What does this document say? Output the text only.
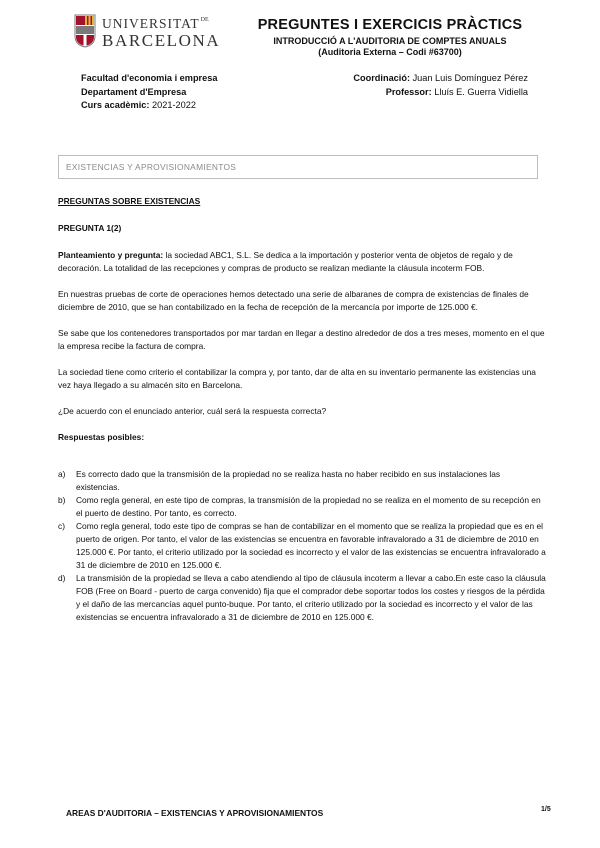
$UNIVERSITAT^{DE}$
BARCELONA
PREGUNTES I EXERCICIS PRÀCTICS
INTRODUCCIÓ A L'AUDITORIA DE COMPTES ANUALS
(Auditoria Externa – Codi #63700)
Facultad d'economia i empresa
Departament d'Empresa
Curs acadèmic: 2021-2022
Coordinació: Juan Luis Domínguez Pérez
Professor: Lluís E. Guerra Vidiella
EXISTENCIAS Y APROVISIONAMIENTOS

PREGUNTAS SOBRE EXISTENCIAS

PREGUNTA 1(2)

Planteamiento y pregunta: la sociedad ABC1, S.L. Se dedica a la importación y posterior venta de objetos de regalo y de decoración. La totalidad de las recepciones y compras de producto se realizan mediante la cláusula incoterm FOB.

En nuestras pruebas de corte de operaciones hemos detectado una serie de albaranes de compra de existencias de finales de diciembre de 2010, que se han contabilizado en la fecha de recepción de la mercancía por importe de 125.000 €.

Se sabe que los contenedores transportados por mar tardan en llegar a destino alrededor de dos a tres meses, momento en el que la empresa recibe la factura de compra.

La sociedad tiene como criterio el contabilizar la compra y, por tanto, dar de alta en su inventario permanente las existencias una vez haya llegado a su almacén sito en Barcelona.

¿De acuerdo con el enunciado anterior, cuál será la respuesta correcta?

Respuestas posibles:

a)	Es correcto dado que la transmisión de la propiedad no se realiza hasta no haber recibido en sus instalaciones las existencias.
b)	Como regla general, en este tipo de compras, la transmisión de la propiedad no se realiza en el momento de su recepción en el puerto de destino. Por tanto, es correcto.
c)	Como regla general, todo este tipo de compras se han de contabilizar en el momento que se realiza la propiedad que es en el puerto de origen. Por tanto, el valor de las existencias se encuentra en favorable infravalorado a 31 de diciembre de 2010 en 125.000 €. Por tanto, el criterio utilizado por la sociedad es incorrecto y el valor de las existencias se encuentra infravalorado a 31 de diciembre de 2010 en 125.000 €.
d)	La transmisión de la propiedad se lleva a cabo atendiendo al tipo de cláusula incoterm a llevar a cabo.En este caso la cláusula FOB (Free on Board - puerto de carga convenido) fija que el comprador debe soportar todos los costes y riesgos de la pérdida y el daño de las mercancías aquel punto-buque. Por tanto, el criterio utilizado por la sociedad es incorrecto y el valor de las existencias se encuentra infravalorado a 31 de diciembre de 2010 en 125.000 €.
AREAS D'AUDITORIA – EXISTENCIAS Y APROVISIONAMIENTOS	1/5
